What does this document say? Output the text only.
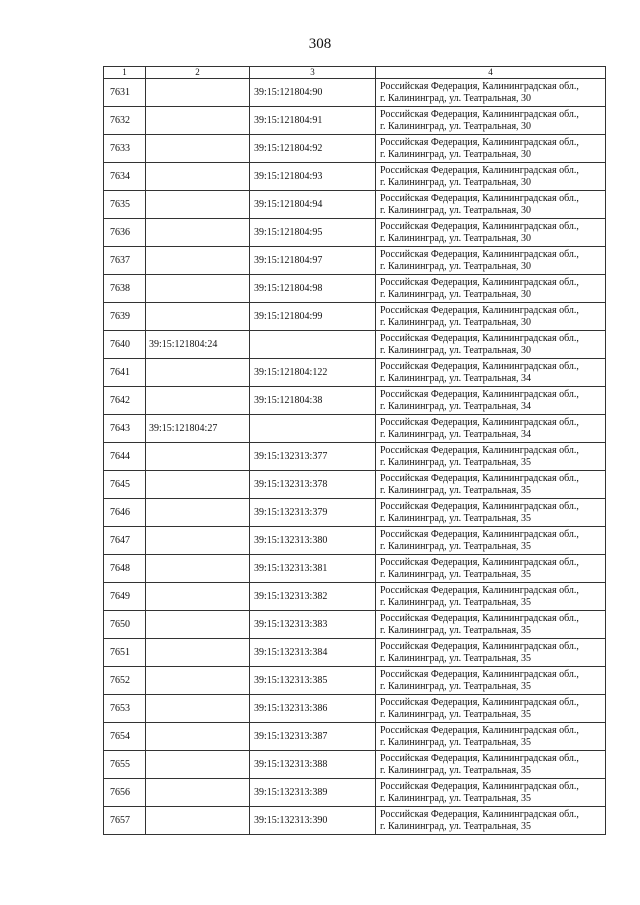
308
1	2	3	4
7631		39:15:121804:90	Российская Федерация, Калининградская обл.,
г. Калининград, ул. Театральная, 30

7632		39:15:121804:91	Российская Федерация, Калининградская обл.,
г. Калининград, ул. Театральная, 30

7633		39:15:121804:92	Российская Федерация, Калининградская обл.,
г. Калининград, ул. Театральная, 30

7634		39:15:121804:93	Российская Федерация, Калининградская обл.,
г. Калининград, ул. Театральная, 30

7635		39:15:121804:94	Российская Федерация, Калининградская обл.,
г. Калининград, ул. Театральная, 30

7636		39:15:121804:95	Российская Федерация, Калининградская обл.,
г. Калининград, ул. Театральная, 30

7637		39:15:121804:97	Российская Федерация, Калининградская обл.,
г. Калининград, ул. Театральная, 30

7638		39:15:121804:98	Российская Федерация, Калининградская обл.,
г. Калининград, ул. Театральная, 30

7639		39:15:121804:99	Российская Федерация, Калининградская обл.,
г. Калининград, ул. Театральная, 30

7640	39:15:121804:24		Российская Федерация, Калининградская обл.,
г. Калининград, ул. Театральная, 30

7641		39:15:121804:122	Российская Федерация, Калининградская обл.,
г. Калининград, ул. Театральная, 34

7642		39:15:121804:38	Российская Федерация, Калининградская обл.,
г. Калининград, ул. Театральная, 34

7643	39:15:121804:27		Российская Федерация, Калининградская обл.,
г. Калининград, ул. Театральная, 34

7644		39:15:132313:377	Российская Федерация, Калининградская обл.,
г. Калининград, ул. Театральная, 35

7645		39:15:132313:378	Российская Федерация, Калининградская обл.,
г. Калининград, ул. Театральная, 35

7646		39:15:132313:379	Российская Федерация, Калининградская обл.,
г. Калининград, ул. Театральная, 35

7647		39:15:132313:380	Российская Федерация, Калининградская обл.,
г. Калининград, ул. Театральная, 35

7648		39:15:132313:381	Российская Федерация, Калининградская обл.,
г. Калининград, ул. Театральная, 35

7649		39:15:132313:382	Российская Федерация, Калининградская обл.,
г. Калининград, ул. Театральная, 35

7650		39:15:132313:383	Российская Федерация, Калининградская обл.,
г. Калининград, ул. Театральная, 35

7651		39:15:132313:384	Российская Федерация, Калининградская обл.,
г. Калининград, ул. Театральная, 35

7652		39:15:132313:385	Российская Федерация, Калининградская обл.,
г. Калининград, ул. Театральная, 35

7653		39:15:132313:386	Российская Федерация, Калининградская обл.,
г. Калининград, ул. Театральная, 35

7654		39:15:132313:387	Российская Федерация, Калининградская обл.,
г. Калининград, ул. Театральная, 35

7655		39:15:132313:388	Российская Федерация, Калининградская обл.,
г. Калининград, ул. Театральная, 35

7656		39:15:132313:389	Российская Федерация, Калининградская обл.,
г. Калининград, ул. Театральная, 35

7657		39:15:132313:390	Российская Федерация, Калининградская обл.,
г. Калининград, ул. Театральная, 35
